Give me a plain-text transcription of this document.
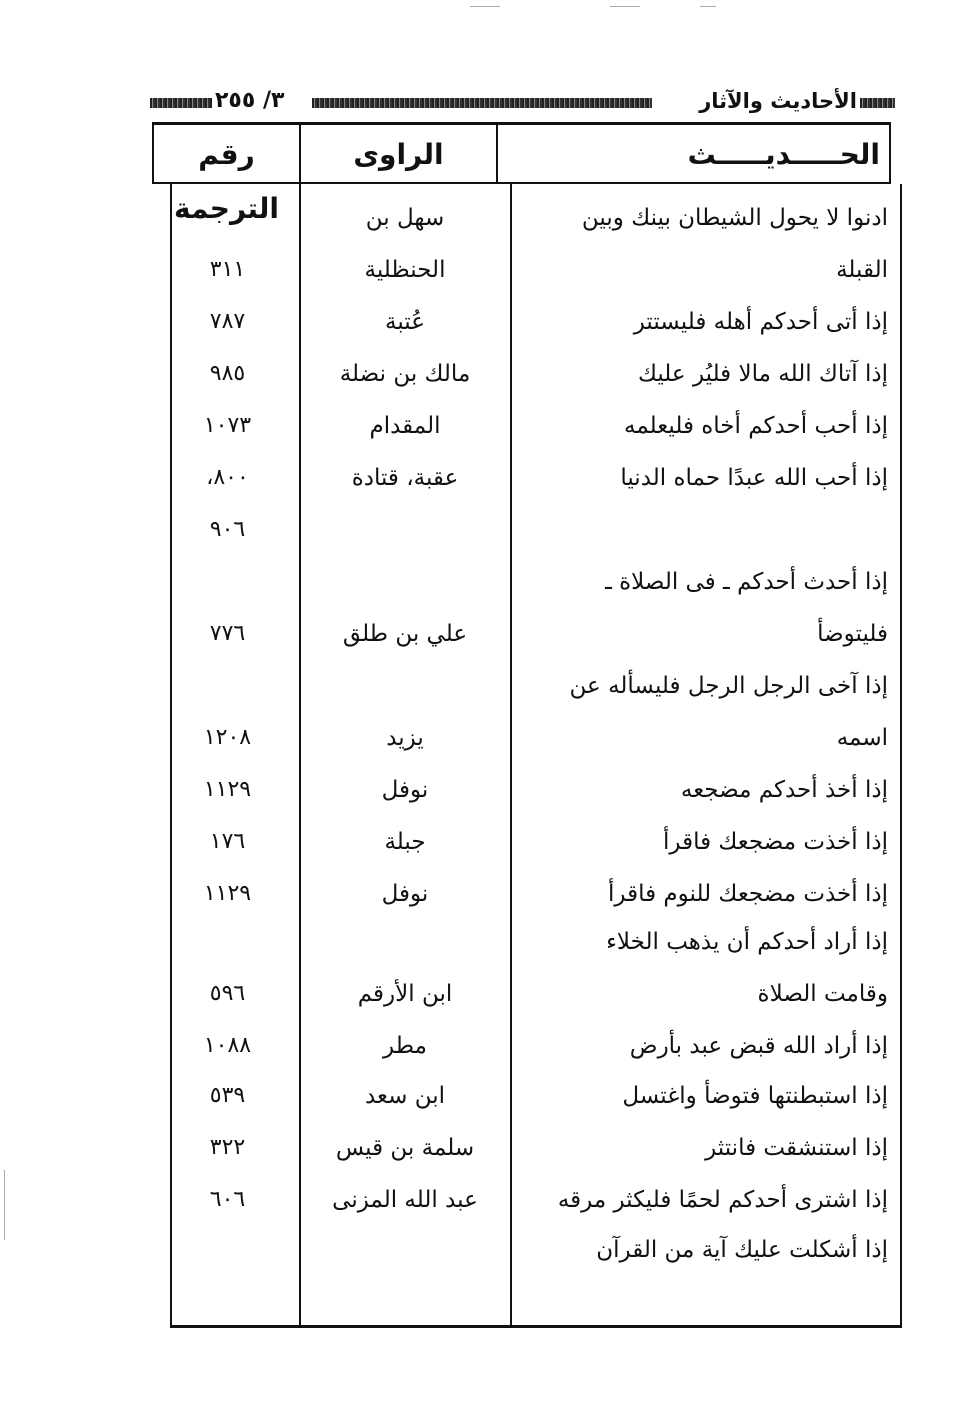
٣/ ٢٥٥	الأحاديث والآثار
رقم الترجمة
الراوى	الحـــــديـــــث
ادنوا لا يحول الشيطان بينك وبين
سهل بن
القبلة
الحنظلية
٣١١
إذا أتى أحدكم أهله فليستتر
عُتبة
٧٨٧
إذا آتاك الله مالا فليُر عليك
مالك بن نضلة
٩٨٥
إذا أحب أحدكم أخاه فليعلمه
المقدام
١٠٧٣
إذا أحب الله عبدًا حماه الدنيا
عقبة، قتادة
٨٠٠،
٩٠٦
إذا أحدث أحدكم ـ فى الصلاة ـ
فليتوضأ
علي بن طلق
٧٧٦
إذا آخى الرجل الرجل فليسأله عن
اسمه
يزيد
١٢٠٨
إذا أخذ أحدكم مضجعه
نوفل
١١٢٩
إذا أخذت مضجعك فاقرأ
جبلة
١٧٦
إذا أخذت مضجعك للنوم فاقرأ
نوفل
١١٢٩
إذا أراد أحدكم أن يذهب الخلاء
وقامت الصلاة
ابن الأرقم
٥٩٦
إذا أراد الله قبض عبد بأرض
مطر
١٠٨٨
إذا استبطنتها فتوضأ واغتسل
ابن سعد
٥٣٩
إذا استنشقت فانتثر
سلمة بن قيس
٣٢٢
إذا اشترى أحدكم لحمًا فليكثر مرقه
عبد الله المزنى
٦٠٦
إذا أشكلت عليك آية من القرآن
